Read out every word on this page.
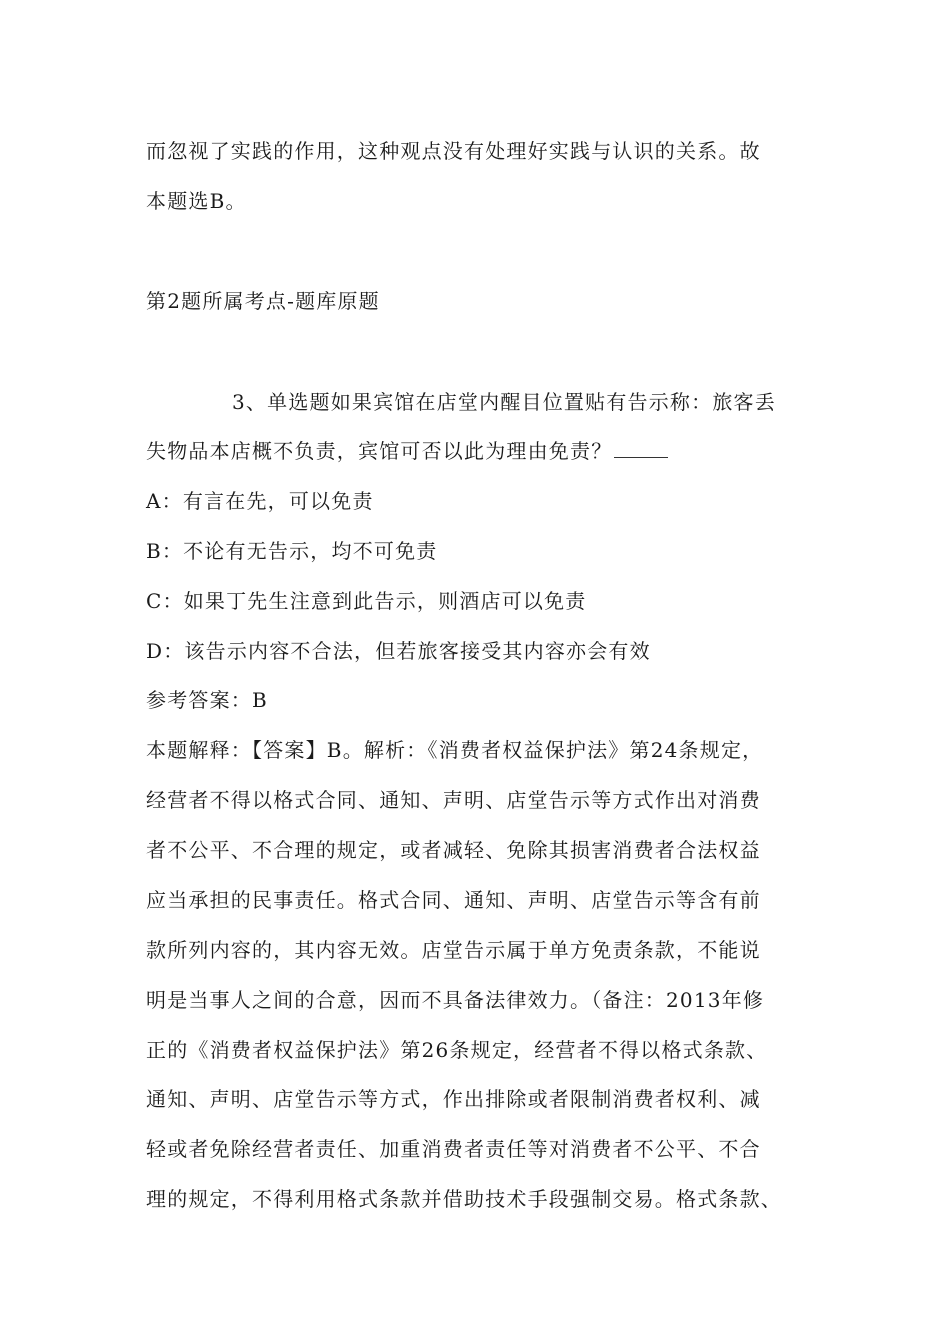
而忽视了实践的作用，这种观点没有处理好实践与认识的关系。故
本题选B。
第2题所属考点-题库原题
3、单选题如果宾馆在店堂内醒目位置贴有告示称：旅客丢
失物品本店概不负责，宾馆可否以此为理由免责？
A：有言在先，可以免责
B：不论有无告示，均不可免责
C：如果丁先生注意到此告示，则酒店可以免责
D：该告示内容不合法，但若旅客接受其内容亦会有效
参考答案：B
本题解释：【答案】B。解析：《消费者权益保护法》第24条规定，
经营者不得以格式合同、通知、声明、店堂告示等方式作出对消费
者不公平、不合理的规定，或者减轻、免除其损害消费者合法权益
应当承担的民事责任。格式合同、通知、声明、店堂告示等含有前
款所列内容的，其内容无效。店堂告示属于单方免责条款，不能说
明是当事人之间的合意，因而不具备法律效力。（备注：2013年修
正的《消费者权益保护法》第26条规定，经营者不得以格式条款、
通知、声明、店堂告示等方式，作出排除或者限制消费者权利、减
轻或者免除经营者责任、加重消费者责任等对消费者不公平、不合
理的规定，不得利用格式条款并借助技术手段强制交易。格式条款、
